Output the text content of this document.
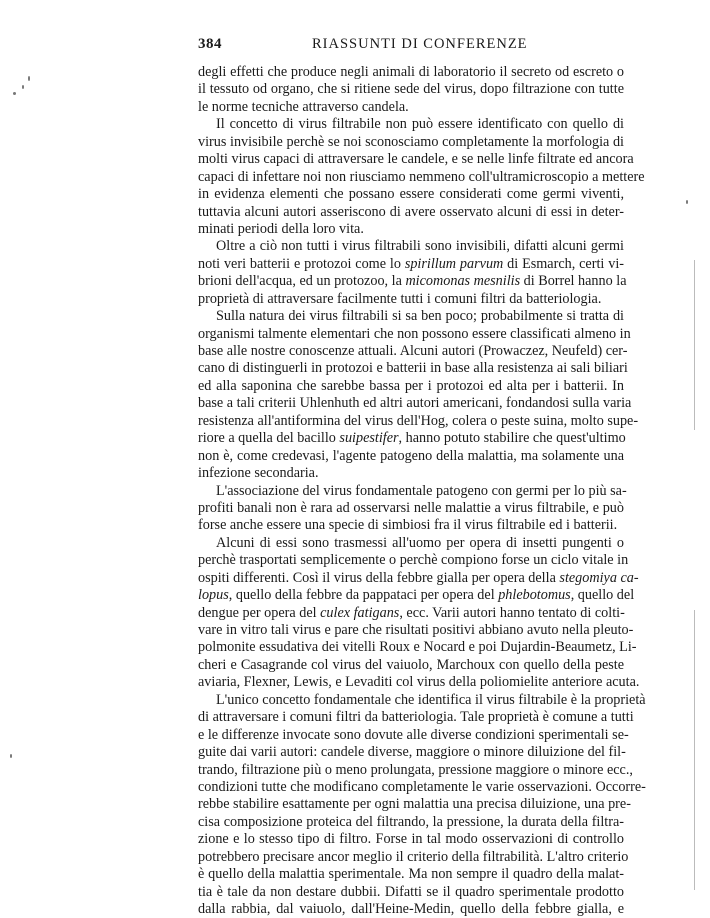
384	RIASSUNTI DI CONFERENZE
degli effetti che produce negli animali di laboratorio il secreto od escreto o
il tessuto od organo, che si ritiene sede del virus, dopo filtrazione con tutte
le norme tecniche attraverso candela.
Il concetto di virus filtrabile non può essere identificato con quello di
virus invisibile perchè se noi sconosciamo completamente la morfologia di
molti virus capaci di attraversare le candele, e se nelle linfe filtrate ed ancora
capaci di infettare noi non riusciamo nemmeno coll'ultramicroscopio a mettere
in evidenza elementi che possano essere considerati come germi viventi,
tuttavia alcuni autori asseriscono di avere osservato alcuni di essi in deter-
minati periodi della loro vita.
Oltre a ciò non tutti i virus filtrabili sono invisibili, difatti alcuni germi
noti veri batterii e protozoi come lo spirillum parvum di Esmarch, certi vi-
brioni dell'acqua, ed un protozoo, la micomonas mesnilis di Borrel hanno la
proprietà di attraversare facilmente tutti i comuni filtri da batteriologia.
Sulla natura dei virus filtrabili si sa ben poco; probabilmente si tratta di
organismi talmente elementari che non possono essere classificati almeno in
base alle nostre conoscenze attuali. Alcuni autori (Prowaczez, Neufeld) cer-
cano di distinguerli in protozoi e batterii in base alla resistenza ai sali biliari
ed alla saponina che sarebbe bassa per i protozoi ed alta per i batterii. In
base a tali criterii Uhlenhuth ed altri autori americani, fondandosi sulla varia
resistenza all'antiformina del virus dell'Hog, colera o peste suina, molto supe-
riore a quella del bacillo suipestifer, hanno potuto stabilire che quest'ultimo
non è, come credevasi, l'agente patogeno della malattia, ma solamente una
infezione secondaria.
L'associazione del virus fondamentale patogeno con germi per lo più sa-
profiti banali non è rara ad osservarsi nelle malattie a virus filtrabile, e può
forse anche essere una specie di simbiosi fra il virus filtrabile ed i batterii.
Alcuni di essi sono trasmessi all'uomo per opera di insetti pungenti o
perchè trasportati semplicemente o perchè compiono forse un ciclo vitale in
ospiti differenti. Così il virus della febbre gialla per opera della stegomiya ca-
lopus, quello della febbre da pappataci per opera del phlebotomus, quello del
dengue per opera del culex fatigans, ecc. Varii autori hanno tentato di colti-
vare in vitro tali virus e pare che risultati positivi abbiano avuto nella pleuto-
polmonite essudativa dei vitelli Roux e Nocard e poi Dujardin-Beaumetz, Li-
cheri e Casagrande col virus del vaiuolo, Marchoux con quello della peste
aviaria, Flexner, Lewis, e Levaditi col virus della poliomielite anteriore acuta.
L'unico concetto fondamentale che identifica il virus filtrabile è la proprietà
di attraversare i comuni filtri da batteriologia. Tale proprietà è comune a tutti
e le differenze invocate sono dovute alle diverse condizioni sperimentali se-
guite dai varii autori: candele diverse, maggiore o minore diluizione del fil-
trando, filtrazione più o meno prolungata, pressione maggiore o minore ecc.,
condizioni tutte che modificano completamente le varie osservazioni. Occorre-
rebbe stabilire esattamente per ogni malattia una precisa diluizione, una pre-
cisa composizione proteica del filtrando, la pressione, la durata della filtra-
zione e lo stesso tipo di filtro. Forse in tal modo osservazioni di controllo
potrebbero precisare ancor meglio il criterio della filtrabilità. L'altro criterio
è quello della malattia sperimentale. Ma non sempre il quadro della malat-
tia è tale da non destare dubbii. Difatti se il quadro sperimentale prodotto
dalla rabbia, dal vaiuolo, dall'Heine-Medin, quello della febbre gialla, e
